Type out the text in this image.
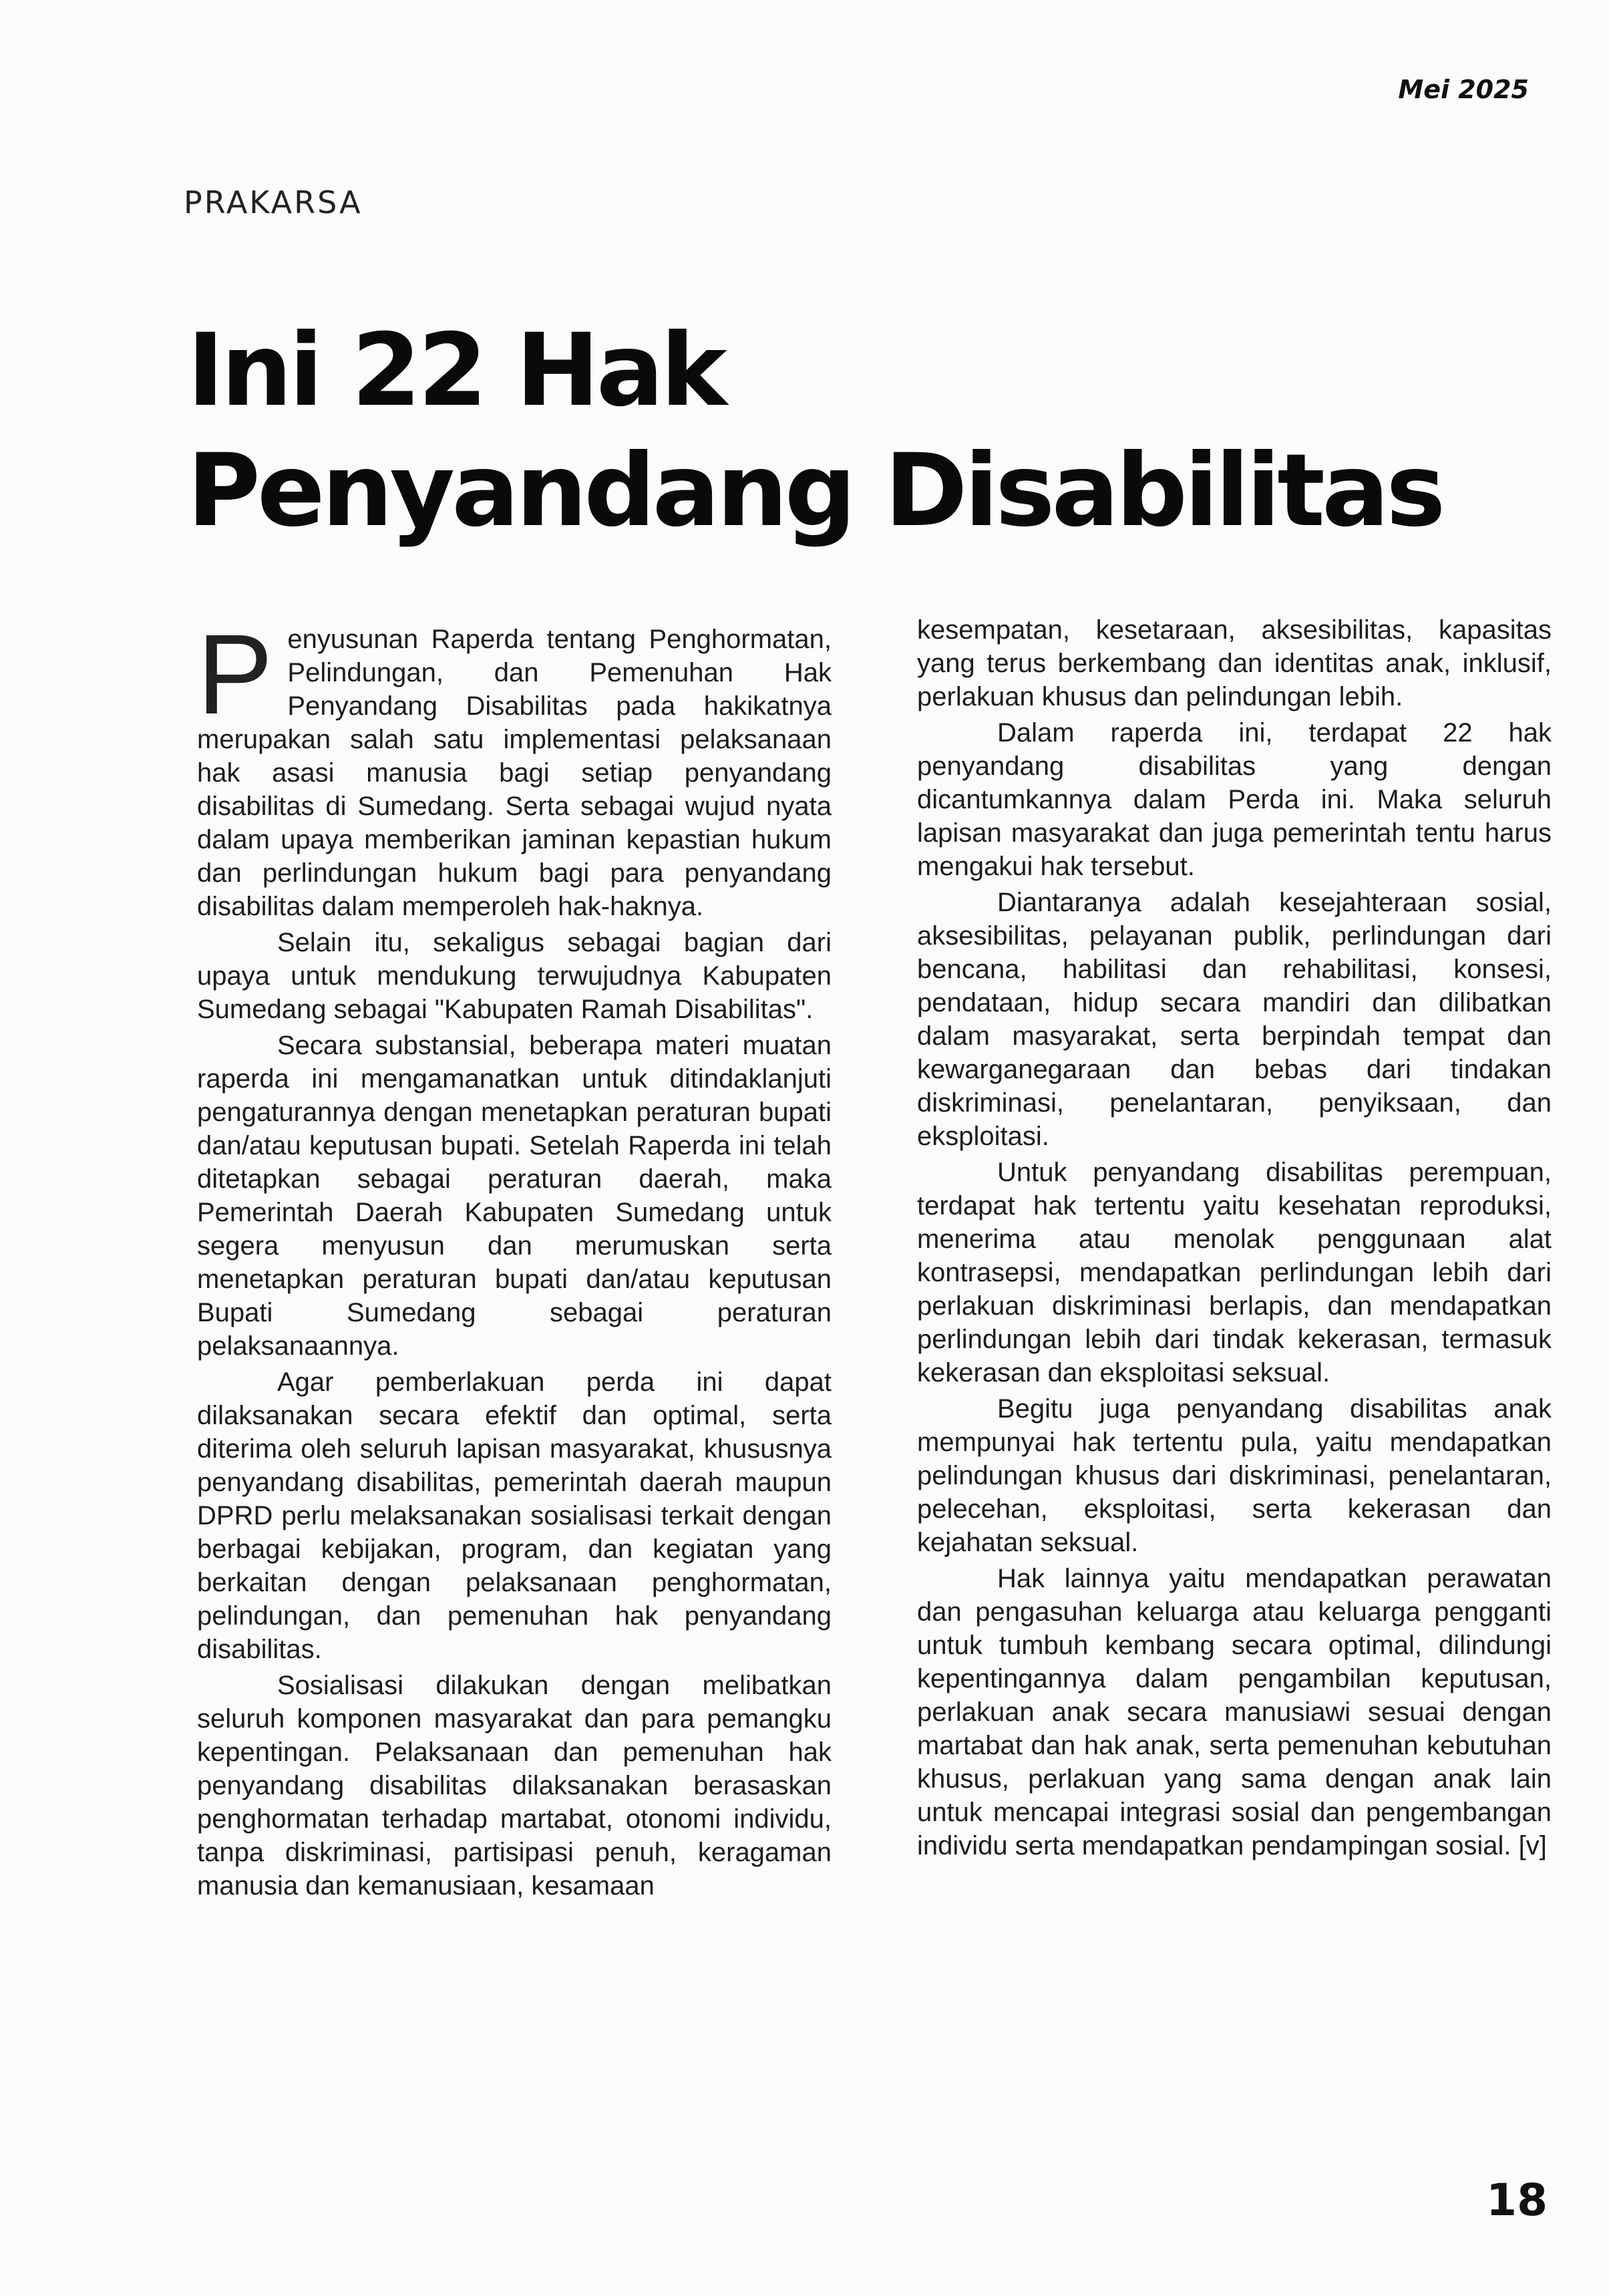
Mei 2025
PRAKARSA
Ini 22 Hak
Penyandang Disabilitas

Penyusunan Raperda tentang Penghormatan, Pelindungan, dan Pemenuhan Hak Penyandang Disabilitas pada hakikatnya merupakan salah satu implementasi pelaksanaan hak asasi manusia bagi setiap penyandang disabilitas di Sumedang. Serta sebagai wujud nyata dalam upaya memberikan jaminan kepastian hukum dan perlindungan hukum bagi para penyandang disabilitas dalam memperoleh hak-haknya.

Selain itu, sekaligus sebagai bagian dari upaya untuk mendukung terwujudnya Kabupaten Sumedang sebagai "Kabupaten Ramah Disabilitas".

Secara substansial, beberapa materi muatan raperda ini mengamanatkan untuk ditindaklanjuti pengaturannya dengan menetapkan peraturan bupati dan/atau keputusan bupati. Setelah Raperda ini telah ditetapkan sebagai peraturan daerah, maka Pemerintah Daerah Kabupaten Sumedang untuk segera menyusun dan merumuskan serta menetapkan peraturan bupati dan/atau keputusan Bupati Sumedang sebagai peraturan pelaksanaannya.

Agar pemberlakuan perda ini dapat dilaksanakan secara efektif dan optimal, serta diterima oleh seluruh lapisan masyarakat, khususnya penyandang disabilitas, pemerintah daerah maupun DPRD perlu melaksanakan sosialisasi terkait dengan berbagai kebijakan, program, dan kegiatan yang berkaitan dengan pelaksanaan penghormatan, pelindungan, dan pemenuhan hak penyandang disabilitas.

Sosialisasi dilakukan dengan melibatkan seluruh komponen masyarakat dan para pemangku kepentingan. Pelaksanaan dan pemenuhan hak penyandang disabilitas dilaksanakan berasaskan penghormatan terhadap martabat, otonomi individu, tanpa diskriminasi, partisipasi penuh, keragaman manusia dan kemanusiaan, kesamaan

kesempatan, kesetaraan, aksesibilitas, kapasitas yang terus berkembang dan identitas anak, inklusif, perlakuan khusus dan pelindungan lebih.

Dalam raperda ini, terdapat 22 hak penyandang disabilitas yang dengan dicantumkannya dalam Perda ini. Maka seluruh lapisan masyarakat dan juga pemerintah tentu harus mengakui hak tersebut.

Diantaranya adalah kesejahteraan sosial, aksesibilitas, pelayanan publik, perlindungan dari bencana, habilitasi dan rehabilitasi, konsesi, pendataan, hidup secara mandiri dan dilibatkan dalam masyarakat, serta berpindah tempat dan kewarganegaraan dan bebas dari tindakan diskriminasi, penelantaran, penyiksaan, dan eksploitasi.

Untuk penyandang disabilitas perempuan, terdapat hak tertentu yaitu kesehatan reproduksi, menerima atau menolak penggunaan alat kontrasepsi, mendapatkan perlindungan lebih dari perlakuan diskriminasi berlapis, dan mendapatkan perlindungan lebih dari tindak kekerasan, termasuk kekerasan dan eksploitasi seksual.

Begitu juga penyandang disabilitas anak mempunyai hak tertentu pula, yaitu mendapatkan pelindungan khusus dari diskriminasi, penelantaran, pelecehan, eksploitasi, serta kekerasan dan kejahatan seksual.

Hak lainnya yaitu mendapatkan perawatan dan pengasuhan keluarga atau keluarga pengganti untuk tumbuh kembang secara optimal, dilindungi kepentingannya dalam pengambilan keputusan, perlakuan anak secara manusiawi sesuai dengan martabat dan hak anak, serta pemenuhan kebutuhan khusus, perlakuan yang sama dengan anak lain untuk mencapai integrasi sosial dan pengembangan individu serta mendapatkan pendampingan sosial. [v]

18
